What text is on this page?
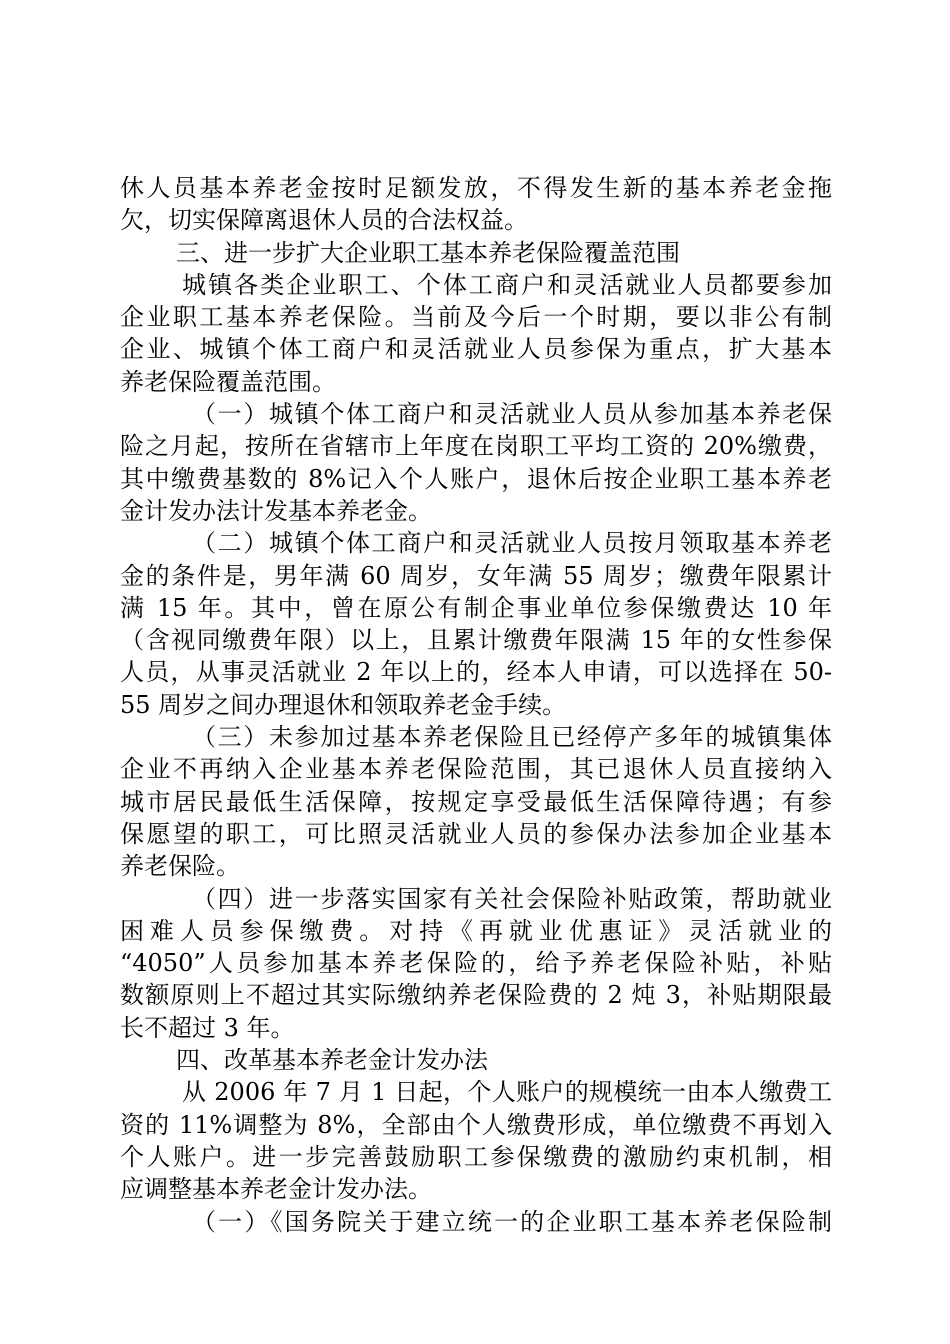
休人员基本养老金按时足额发放，不得发生新的基本养老金拖
欠，切实保障离退休人员的合法权益。
三、进一步扩大企业职工基本养老保险覆盖范围
城镇各类企业职工、个体工商户和灵活就业人员都要参加
企业职工基本养老保险。当前及今后一个时期，要以非公有制
企业、城镇个体工商户和灵活就业人员参保为重点，扩大基本
养老保险覆盖范围。
（一）城镇个体工商户和灵活就业人员从参加基本养老保
险之月起，按所在省辖市上年度在岗职工平均工资的 20%缴费，
其中缴费基数的 8%记入个人账户，退休后按企业职工基本养老
金计发办法计发基本养老金。
（二）城镇个体工商户和灵活就业人员按月领取基本养老
金的条件是，男年满 60 周岁，女年满 55 周岁；缴费年限累计
满 15 年。其中，曾在原公有制企事业单位参保缴费达 10 年
（含视同缴费年限）以上，且累计缴费年限满 15 年的女性参保
人员，从事灵活就业 2 年以上的，经本人申请，可以选择在 50-
55 周岁之间办理退休和领取养老金手续。
（三）未参加过基本养老保险且已经停产多年的城镇集体
企业不再纳入企业基本养老保险范围，其已退休人员直接纳入
城市居民最低生活保障，按规定享受最低生活保障待遇；有参
保愿望的职工，可比照灵活就业人员的参保办法参加企业基本
养老保险。
（四）进一步落实国家有关社会保险补贴政策，帮助就业
困难人员参保缴费。对持《再就业优惠证》灵活就业的
“4050”人员参加基本养老保险的，给予养老保险补贴，补贴
数额原则上不超过其实际缴纳养老保险费的 2 炖 3，补贴期限最
长不超过 3 年。
四、改革基本养老金计发办法
从 2006 年 7 月 1 日起，个人账户的规模统一由本人缴费工
资的 11%调整为 8%，全部由个人缴费形成，单位缴费不再划入
个人账户。进一步完善鼓励职工参保缴费的激励约束机制，相
应调整基本养老金计发办法。
（一）《国务院关于建立统一的企业职工基本养老保险制
